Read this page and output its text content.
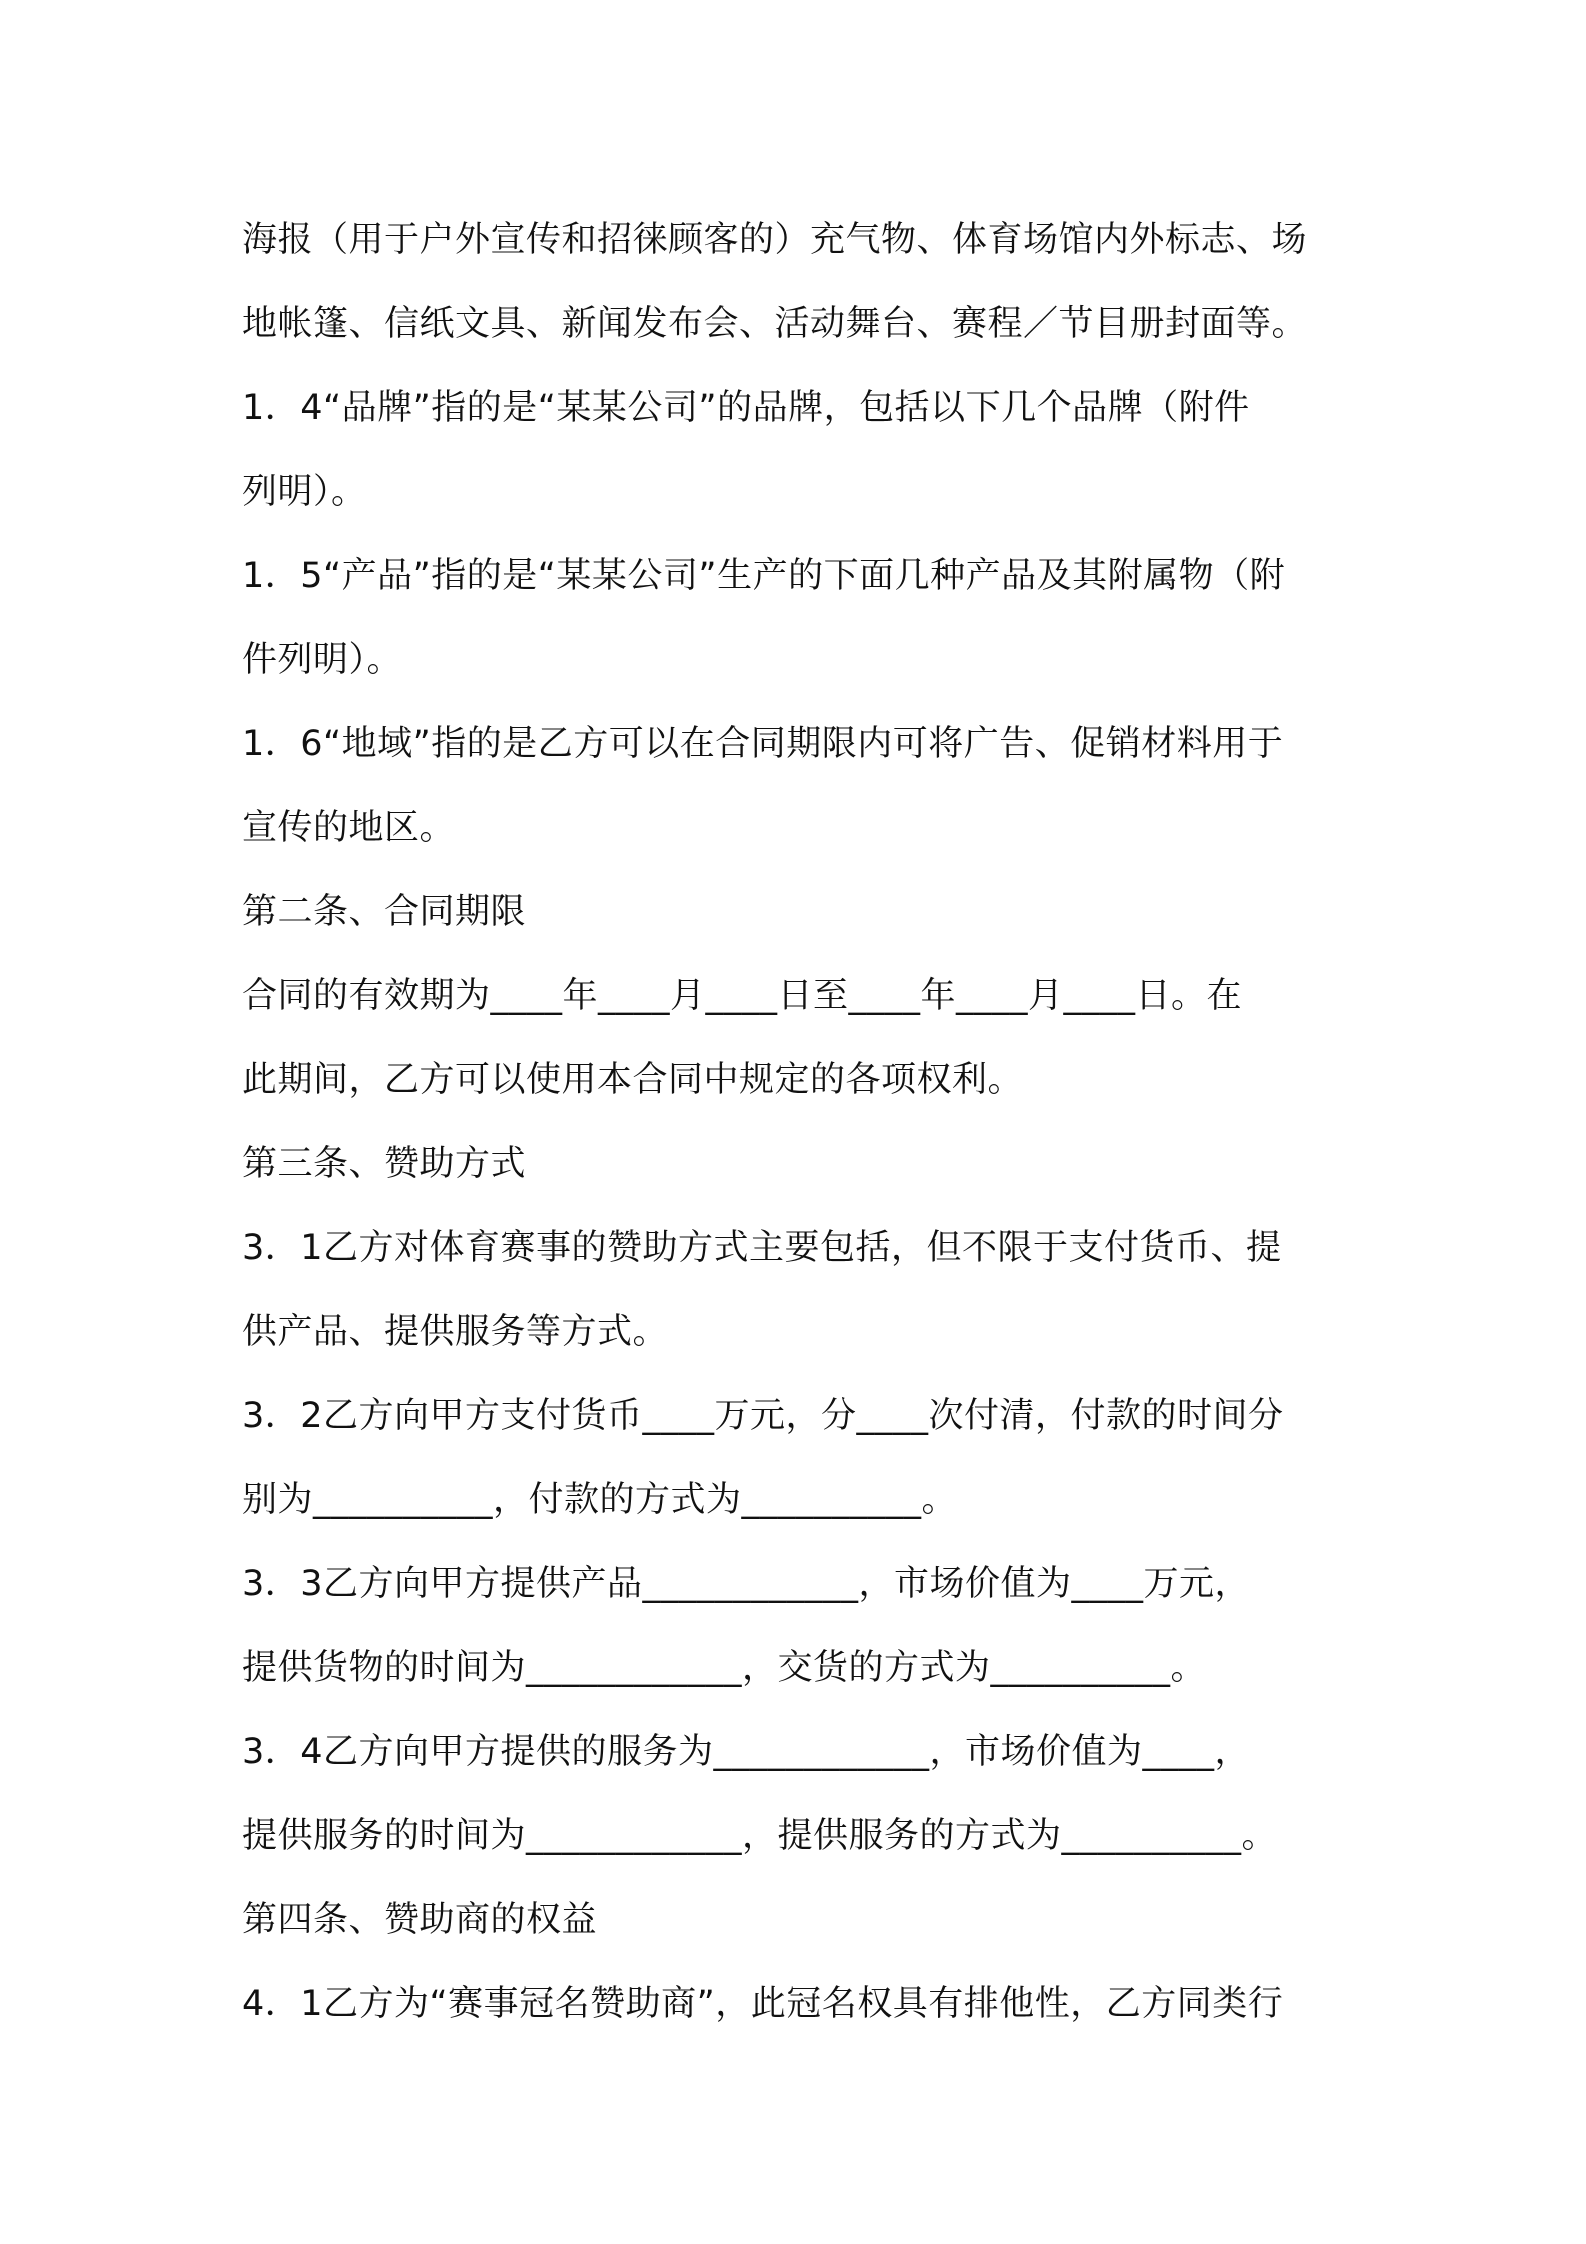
海报（用于户外宣传和招徕顾客的）充气物、体育场馆内外标志、场
地帐篷、信纸文具、新闻发布会、活动舞台、赛程／节目册封面等。
1．4“品牌”指的是“某某公司”的品牌，包括以下几个品牌（附件
列明）。
1．5“产品”指的是“某某公司”生产的下面几种产品及其附属物（附
件列明）。
1．6“地域”指的是乙方可以在合同期限内可将广告、促销材料用于
宣传的地区。
第二条、合同期限
合同的有效期为____年____月____日至____年____月____日。在
此期间，乙方可以使用本合同中规定的各项权利。
第三条、赞助方式
3．1乙方对体育赛事的赞助方式主要包括，但不限于支付货币、提
供产品、提供服务等方式。
3．2乙方向甲方支付货币____万元，分____次付清，付款的时间分
别为__________，付款的方式为__________。
3．3乙方向甲方提供产品____________，市场价值为____万元，
提供货物的时间为____________，交货的方式为__________。
3．4乙方向甲方提供的服务为____________，市场价值为____，
提供服务的时间为____________，提供服务的方式为__________。
第四条、赞助商的权益
4．1乙方为“赛事冠名赞助商”，此冠名权具有排他性，乙方同类行
